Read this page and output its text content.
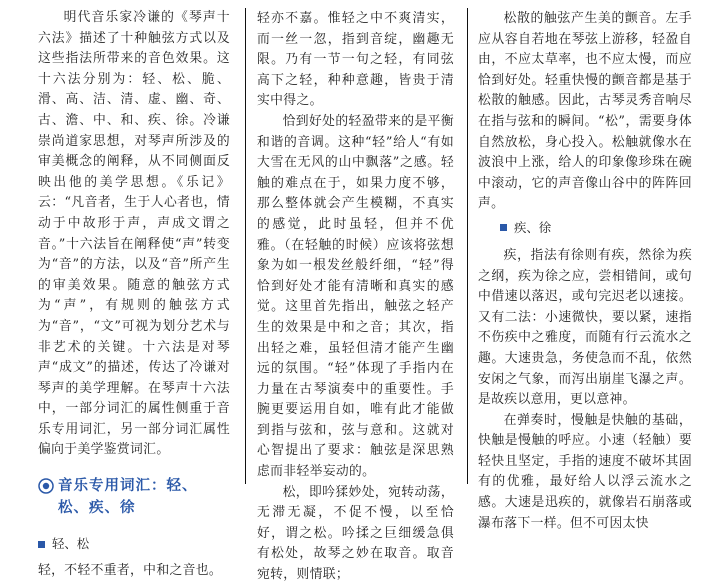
明代音乐家冷谦的《琴声十六法》描述了十种触弦方式以及这些指法所带来的音色效果。这十六法分别为：轻、松、脆、滑、高、洁、清、虚、幽、奇、古、澹、中、和、疾、徐。冷谦崇尚道家思想，对琴声所涉及的审美概念的阐释，从不同侧面反映出他的美学思想。《乐记》云：“凡音者，生于人心者也，情动于中故形于声，声成文谓之音。”十六法旨在阐释使“声”转变为“音”的方法，以及“音”所产生的审美效果。随意的触弦方式为“声”，有规则的触弦方式为“音”，“文”可视为划分艺术与非艺术的关键。十六法是对琴声“成文”的描述，传达了冷谦对琴声的美学理解。在琴声十六法中，一部分词汇的属性侧重于音乐专用词汇，另一部分词汇属性偏向于美学鉴赏词汇。

音乐专用词汇：轻、松、疾、徐
轻、松

轻，不轻不重者，中和之音也。

轻亦不嘉。惟轻之中不爽清实，而一丝一忽，指到音绽，幽趣无限。乃有一节一句之轻，有同弦高下之轻，种种意趣，皆贵于清实中得之。

恰到好处的轻盈带来的是平衡和谐的音调。这种“轻”给人“有如大雪在无风的山中飘落”之感。轻触的难点在于，如果力度不够，那么整体就会产生模糊，不真实的感觉，此时虽轻，但并不优雅。（在轻触的时候）应该将弦想象为如一根发丝般纤细，“轻”得恰到好处才能有清晰和真实的感觉。这里首先指出，触弦之轻产生的效果是中和之音；其次，指出轻之难，虽轻但清才能产生幽远的氛围。“轻”体现了手指内在力量在古琴演奏中的重要性。手腕更要运用自如，唯有此才能做到指与弦和，弦与意和。这就对心智提出了要求：触弦是深思熟虑而非轻举妄动的。

松，即吟猱妙处，宛转动荡，无滞无凝，不促不慢，以至恰好，谓之松。吟揉之巨细缓急俱有松处，故琴之妙在取音。取音宛转，则情联；

松散的触弦产生美的颤音。左手应从容自若地在琴弦上游移，轻盈自由，不应太草率，也不应太慢，而应恰到好处。轻重快慢的颤音都是基于松散的触感。因此，古琴灵秀音响尽在指与弦和的瞬间。“松”，需要身体自然放松，身心投入。松触就像水在波浪中上涨，给人的印象像珍珠在碗中滚动，它的声音像山谷中的阵阵回声。

疾、徐

疾，指法有徐则有疾，然徐为疾之纲，疾为徐之应，尝相错间，或句中借速以落迟，或句完迟老以速接。又有二法：小速微快，要以紧，速指不伤疾中之雅度，而随有行云流水之趣。大速贵急，务使急而不乱，依然安闲之气象，而泻出崩崖飞瀑之声。是故疾以意用，更以意神。

在弹奏时，慢触是快触的基础，快触是慢触的呼应。小速（轻触）要轻快且坚定，手指的速度不破坏其固有的优雅，最好给人以浮云流水之感。大速是迅疾的，就像岩石崩落或瀑布落下一样。但不可因太快
